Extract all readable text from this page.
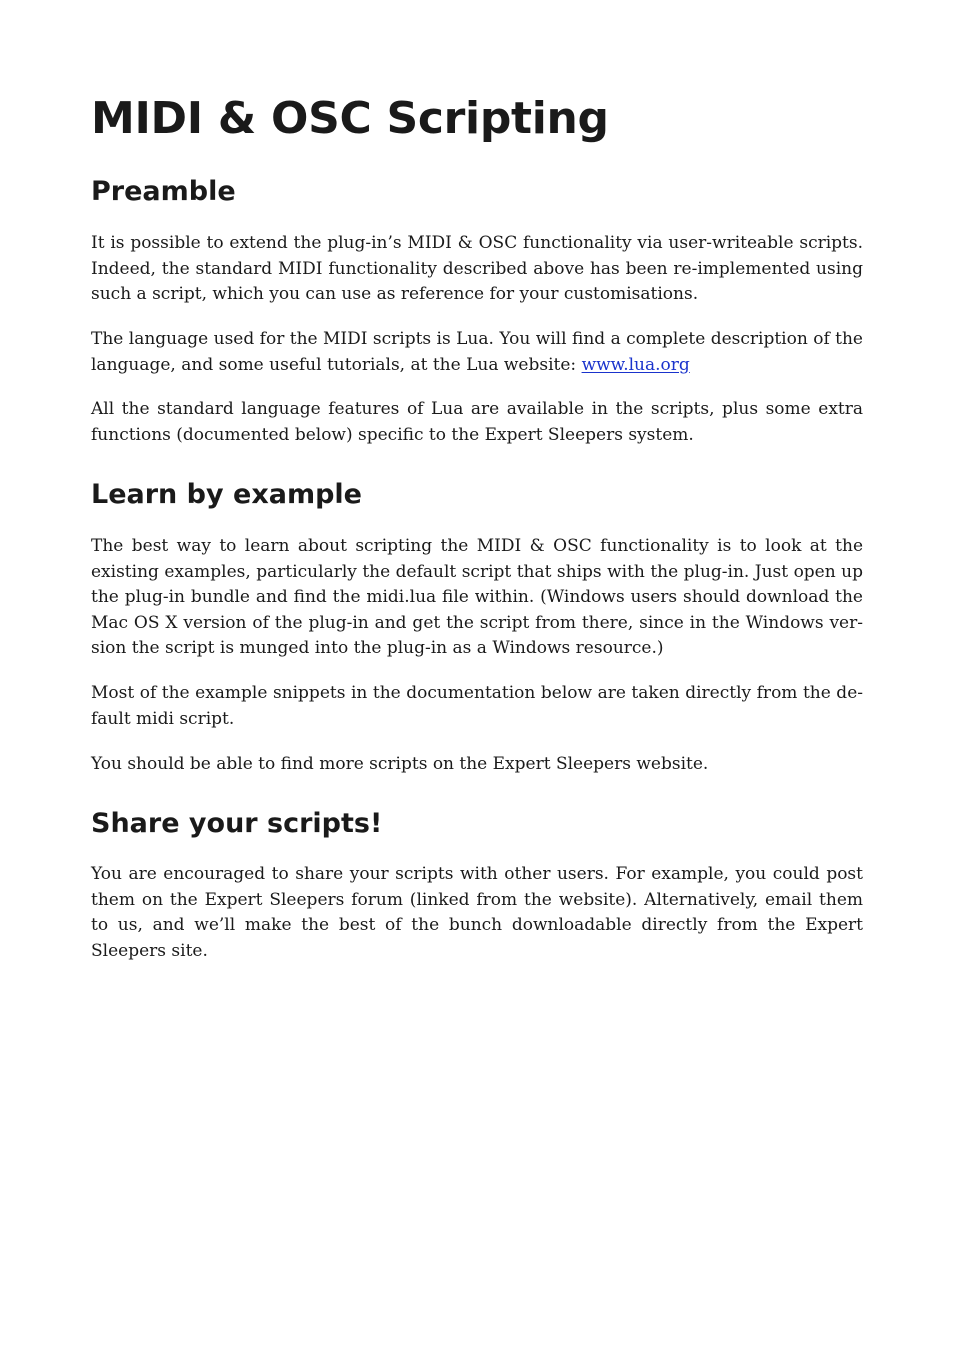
MIDI & OSC Scripting
Preamble

It is possible to extend the plug-in’s MIDI & OSC functionality via user-writeable scripts. Indeed, the standard MIDI functionality described above has been re-implemented using such a script, which you can use as reference for your customisations.

The language used for the MIDI scripts is Lua. You will find a complete description of the language, and some useful tutorials, at the Lua website: www.lua.org

All the standard language features of Lua are available in the scripts, plus some extra functions (documented below) specific to the Expert Sleepers system.

Learn by example

The best way to learn about scripting the MIDI & OSC functionality is to look at the existing examples, particularly the default script that ships with the plug-in. Just open up the plug-in bundle and find the midi.lua file within. (Windows users should download the Mac OS X version of the plug-in and get the script from there, since in the Windows version the script is munged into the plug-in as a Windows resource.)

Most of the example snippets in the documentation below are taken directly from the default midi script.

You should be able to find more scripts on the Expert Sleepers website.

Share your scripts!

You are encouraged to share your scripts with other users. For example, you could post them on the Expert Sleepers forum (linked from the website). Alternatively, email them to us, and we’ll make the best of the bunch downloadable directly from the Expert Sleepers site.
